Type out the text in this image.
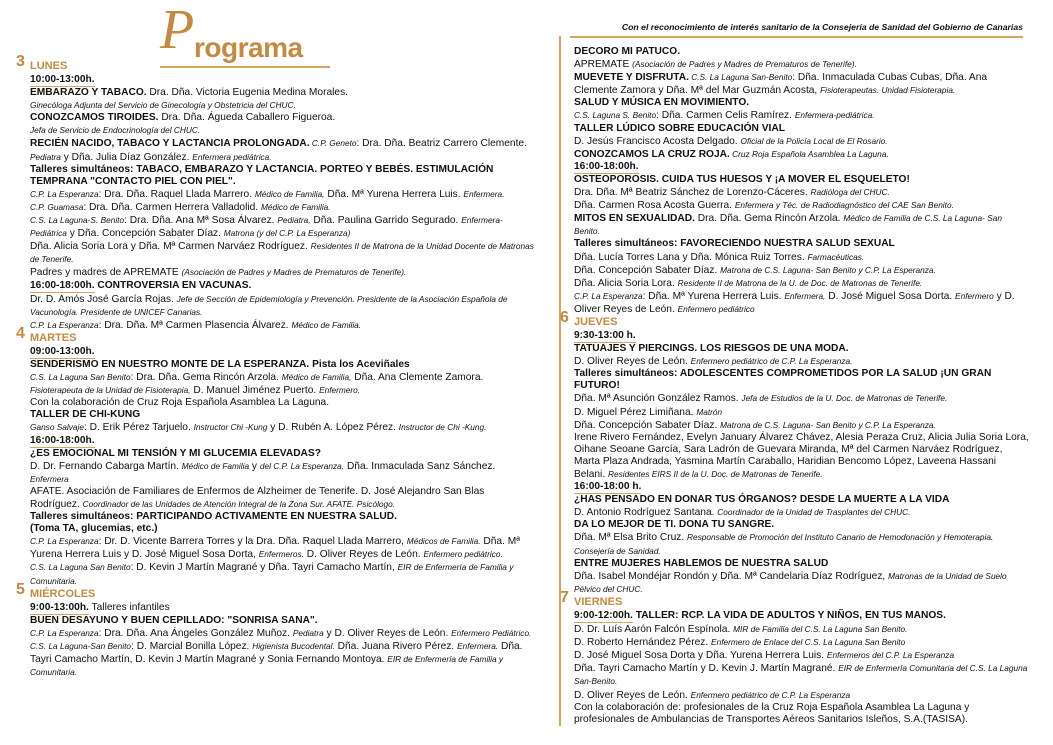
P rograma
Con el reconocimiento de interés sanitario de la Consejería de Sanidad del Gobierno de Canarias

3 LUNES

10:00-13:00h.

EMBARAZO Y TABACO. Dra. Dña. Victoria Eugenia Medina Morales.

Ginecóloga Adjunta del Servicio de Ginecología y Obstetricia del CHUC.

CONOZCAMOS TIROIDES. Dra. Dña. Águeda Caballero Figueroa.

Jefa de Servicio de Endocrinología del CHUC.

RECIÉN NACIDO, TABACO Y LACTANCIA PROLONGADA. C.P. Geneto: Dra. Dña. Beatriz Carrero Clemente. Pediatra y Dña. Julia Díaz González. Enfermera pediátrica.

Talleres simultáneos: TABACO, EMBARAZO Y LACTANCIA. PORTEO Y BEBÉS. ESTIMULACIÓN TEMPRANA "CONTACTO PIEL CON PIEL".

C.P. La Esperanza: Dra. Dña. Raquel Llada Marrero. Médico de Familia, Dña. Mª Yurena Herrera Luis. Enfermera.

C.P. Guamasa: Dra. Dña. Carmen Herrera Valladolid. Médico de Familia.

C.S. La Laguna-S. Benito: Dra. Dña. Ana Mª Sosa Álvarez. Pediatra, Dña. Paulina Garrido Segurado. Enfermera- Pediátrica y Dña. Concepción Sabater Díaz. Matrona (y del C.P. La Esperanza)

Dña. Alicia Soria Lora y Dña. Mª Carmen Narváez Rodríguez. Residentes II de Matrona de la Unidad Docente de Matronas de Tenerife.

Padres y madres de APREMATE (Asociación de Padres y Madres de Prematuros de Tenerife).

16:00-18:00h. CONTROVERSIA EN VACUNAS.

Dr. D. Amós José García Rojas. Jefe de Sección de Epidemiología y Prevención. Presidente de la Asociación Española de Vacunología. Presidente de UNICEF Canarias.

C.P. La Esperanza: Dra. Dña. Mª Carmen Plasencia Álvarez. Médico de Familia.

4 MARTES

09:00-13:00h.

SENDERISMO EN NUESTRO MONTE DE LA ESPERANZA. Pista los Aceviñales

C.S. La Laguna San Benito: Dra. Dña. Gema Rincón Arzola. Médico de Familia, Dña. Ana Clemente Zamora. Fisioterapeuta de la Unidad de Fisioterapia, D. Manuel Jiménez Puerto. Enfermero.

Con la colaboración de Cruz Roja Española Asamblea La Laguna.

TALLER DE CHI-KUNG

Ganso Salvaje: D. Erik Pérez Tarjuelo. Instructor Chi -Kung y D. Rubén A. López Pérez. Instructor de Chi -Kung.

16:00-18:00h.

¿ES EMOCIONAL MI TENSIÓN Y MI GLUCEMIA ELEVADAS?

D. Dr. Fernando Cabarga Martín. Médico de Familia y del C.P. La Esperanza, Dña. Inmaculada Sanz Sánchez. Enfermera

AFATE. Asociación de Familiares de Enfermos de Alzheimer de Tenerife. D. José Alejandro San Blas Rodríguez. Coordinador de las Unidades de Atención Integral de la Zona Sur. AFATE. Psicólogo.

Talleres simultáneos: PARTICIPANDO ACTIVAMENTE EN NUESTRA SALUD.

(Toma TA, glucemias, etc.)

C.P. La Esperanza: Dr. D. Vicente Barrera Torres y la Dra. Dña. Raquel Llada Marrero, Médicos de Familia. Dña. Mª Yurena Herrera Luis y D. José Miguel Sosa Dorta, Enfermeros. D. Oliver Reyes de León. Enfermero pediátrico.

C.S. La Laguna San Benito: D. Kevin J Martín Magrané y Dña. Tayri Camacho Martín, EIR de Enfermería de Familia y Comunitaria.

5 MIÉRCOLES

9:00-13:00h. Talleres infantiles

BUEN DESAYUNO Y BUEN CEPILLADO: "SONRISA SANA".

C.P. La Esperanza: Dra. Dña. Ana Ángeles González Muñoz. Pediatra y D. Oliver Reyes de León. Enfermero Pediátrico.

C.S. La Laguna-San Benito: D. Marcial Bonilla López. Higienista Bucodental. Dña. Juana Rivero Pérez. Enfermera. Dña. Tayri Camacho Martín, D. Kevin J Martín Magrané y Sonia Fernando Montoya. EIR de Enfermería de Familia y Comunitaria.

DECORO MI PATUCO.

APREMATE (Asociación de Padres y Madres de Prematuros de Tenerife).

MUEVETE Y DISFRUTA. C.S. La Laguna San-Benito: Dña. Inmaculada Cubas Cubas, Dña. Ana Clemente Zamora y Dña. Mª del Mar Guzmán Acosta, Fisioterapeutas. Unidad Fisioterapia.

SALUD Y MÚSICA EN MOVIMIENTO.

C.S. Laguna S. Benito: Dña. Carmen Celis Ramírez. Enfermera-pediátrica.

TALLER LÚDICO SOBRE EDUCACIÓN VIAL

D. Jesús Francisco Acosta Delgado. Oficial de la Policía Local de El Rosario.

CONOZCAMOS LA CRUZ ROJA. Cruz Roja Española Asamblea La Laguna.

16:00-18:00h.

OSTEOPOROSIS. CUIDA TUS HUESOS Y ¡A MOVER EL ESQUELETO!

Dra. Dña. Mª Beatriz Sánchez de Lorenzo-Cáceres. Radióloga del CHUC.

Dña. Carmen Rosa Acosta Guerra. Enfermera y Téc. de Radiodiagnóstico del CAE San Benito.

MITOS EN SEXUALIDAD. Dra. Dña. Gema Rincón Arzola. Médico de Familia de C.S. La Laguna- San Benito.

Talleres simultáneos: FAVORECIENDO NUESTRA SALUD SEXUAL

Dña. Lucía Torres Lana y Dña. Mónica Ruiz Torres. Farmacéuticas.

Dña. Concepción Sabater Díaz. Matrona de C.S. Laguna- San Benito y C.P. La Esperanza.

Dña. Alicia Soria Lora. Residente II de Matrona de la U. de Doc. de Matronas de Tenerife.

C.P. La Esperanza: Dña. Mª Yurena Herrera Luis. Enfermera, D. José Miguel Sosa Dorta. Enfermero y D. Oliver Reyes de León. Enfermero pediátrico

6 JUEVES

9:30-13:00 h.

TATUAJES Y PIERCINGS. LOS RIESGOS DE UNA MODA.

D. Oliver Reyes de León. Enfermero pediátrico de C.P. La Esperanza.

Talleres simultáneos: ADOLESCENTES COMPROMETIDOS POR LA SALUD ¡UN GRAN FUTURO!

Dña. Mª Asunción González Ramos. Jefa de Estudios de la U. Doc. de Matronas de Tenerife.

D. Miguel Pérez Limiñana. Matrón

Dña. Concepción Sabater Díaz. Matrona de C.S. Laguna- San Benito y C.P. La Esperanza.

Irene Rivero Fernández, Evelyn January Álvarez Chávez, Alesia Peraza Cruz, Alicia Julia Soria Lora, Oihane Seoane García, Sara Ladrón de Guevara Miranda, Mª del Carmen Narváez Rodríguez, Marta Plaza Andrada, Yasmina Martín Caraballo, Haridian Bencomo López, Laveena Hassani Belani. Residentes EIRS II de la U. Doc. de Matronas de Tenerife.

16:00-18:00 h.

¿HAS PENSADO EN DONAR TUS ÓRGANOS? DESDE LA MUERTE A LA VIDA

D. Antonio Rodríguez Santana. Coordinador de la Unidad de Trasplantes del CHUC.

DA LO MEJOR DE TI. DONA TU SANGRE.

Dña. Mª Elsa Brito Cruz. Responsable de Promoción del Instituto Canario de Hemodonación y Hemoterapia. Consejería de Sanidad.

ENTRE MUJERES HABLEMOS DE NUESTRA SALUD

Dña. Isabel Mondéjar Rondón y Dña. Mª Candelaria Díaz Rodríguez, Matronas de la Unidad de Suelo Pélvico del CHUC.

7 VIERNES

9:00-12:00h. TALLER: RCP. LA VIDA DE ADULTOS Y NIÑOS, EN TUS MANOS.

D. Dr. Luís Aarón Falcón Espínola. MIR de Familia del C.S. La Laguna San Benito.

D. Roberto Hernández Pérez. Enfermero de Enlace del C.S. La Laguna San Benito

D. José Miguel Sosa Dorta y Dña. Yurena Herrera Luis. Enfermeros del C.P. La Esperanza

Dña. Tayri Camacho Martín y D. Kevin J. Martín Magrané. EIR de Enfermería Comunitaria del C.S. La Laguna San-Benito.

D. Oliver Reyes de León. Enfermero pediátrico de C.P. La Esperanza

Con la colaboración de: profesionales de la Cruz Roja Española Asamblea La Laguna y profesionales de Ambulancias de Transportes Aéreos Sanitarios Isleños, S.A.(TASISA).
